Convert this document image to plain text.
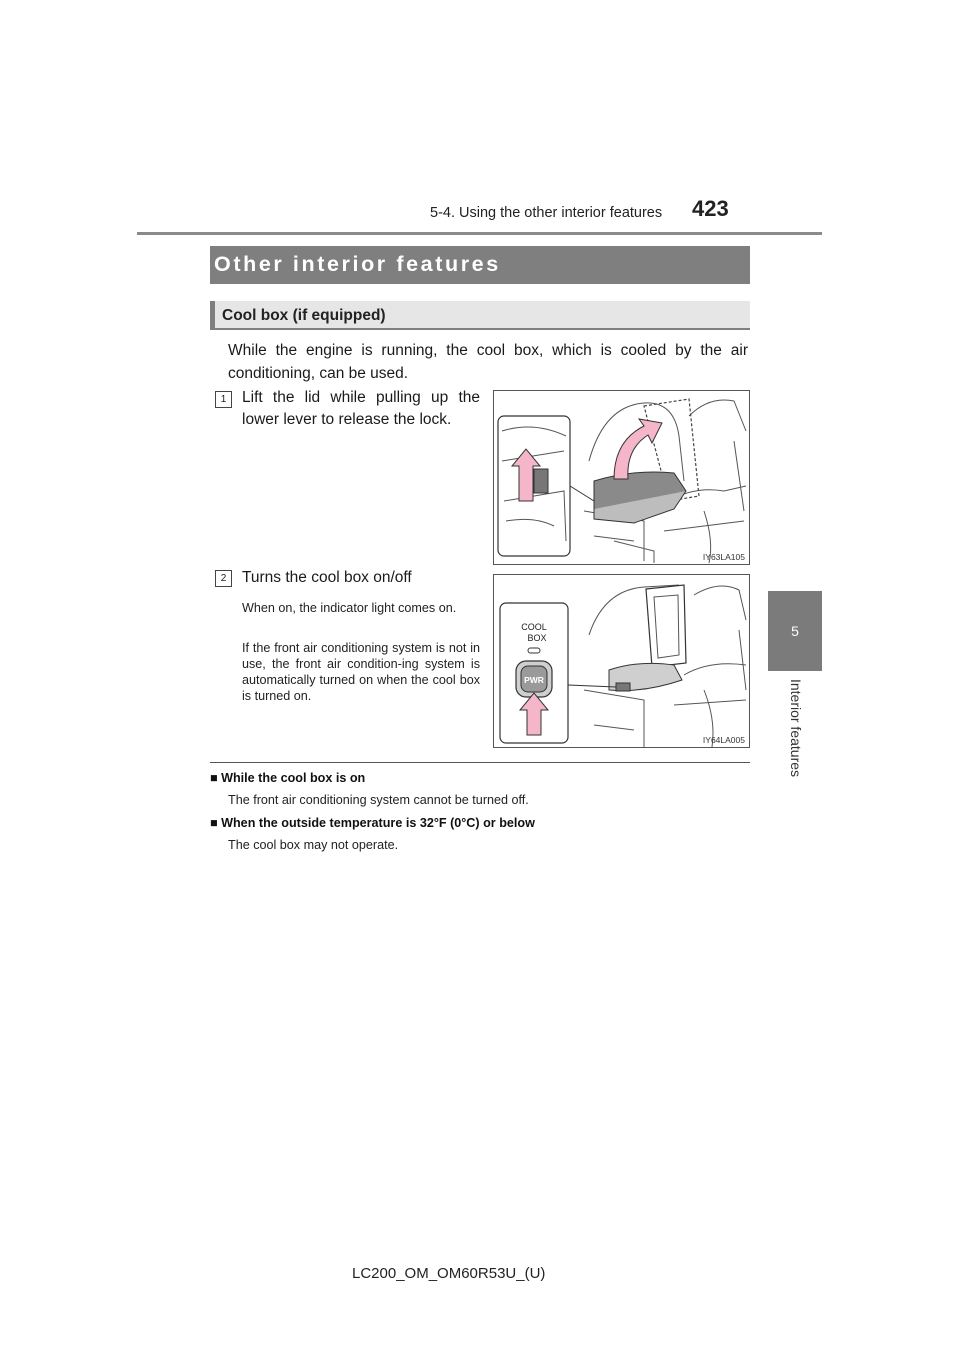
5-4. Using the other interior features 423
5
Interior features
Other interior features
Cool box (if equipped)
While the engine is running, the cool box, which is cooled by the air conditioning, can be used.
1	Lift the lid while pulling up the lower lever to release the lock.
IY63LA105
2	Turns the cool box on/off
When on, the indicator light comes on.
If the front air conditioning system is not in use, the front air condition-ing system is automatically turned on when the cool box is turned on.
COOL
BOX
PWR
IY64LA005
■ While the cool box is on
The front air conditioning system cannot be turned off.
■ When the outside temperature is 32°F (0°C) or below
The cool box may not operate.
LC200_OM_OM60R53U_(U)
